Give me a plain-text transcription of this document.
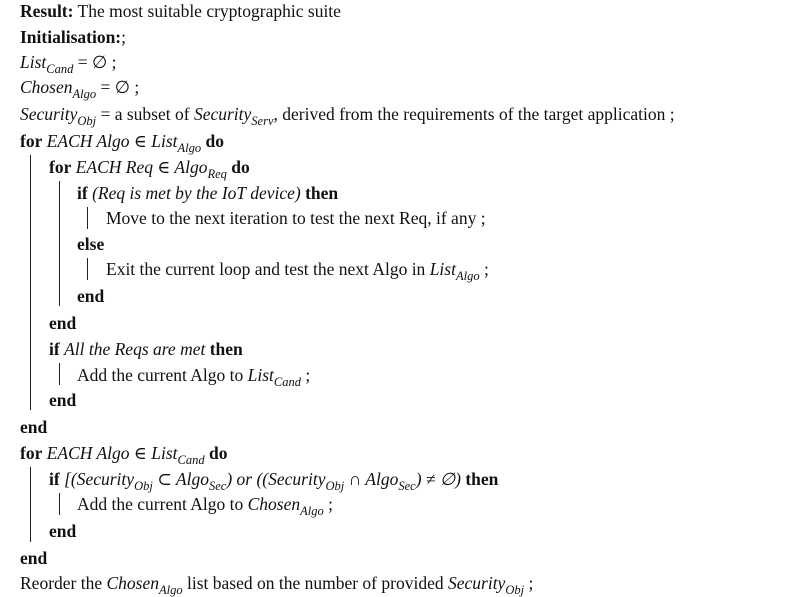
Result: The most suitable cryptographic suite
Initialisation:;
List$_{Cand}$ = ∅ ;
Chosen$_{Algo}$ = ∅ ;
Security$_{Obj}$ = a subset of Security$_{Serv}$, derived from the requirements of the target application ;
for EACH Algo ∈ List$_{Algo}$ do
for EACH Req ∈ Algo$_{Req}$ do
if (Req is met by the IoT device) then
Move to the next iteration to test the next Req, if any ;
else
Exit the current loop and test the next Algo in List$_{Algo}$ ;
end
end
if All the Reqs are met then
Add the current Algo to List$_{Cand}$ ;
end
end
for EACH Algo ∈ List$_{Cand}$ do
if [(Security$_{Obj}$ ⊂ Algo$_{Sec}$) or ((Security$_{Obj}$ ∩ Algo$_{Sec}$) ≠ ∅) then
Add the current Algo to Chosen$_{Algo}$ ;
end
end
Reorder the Chosen$_{Algo}$ list based on the number of provided Security$_{Obj}$ ;
